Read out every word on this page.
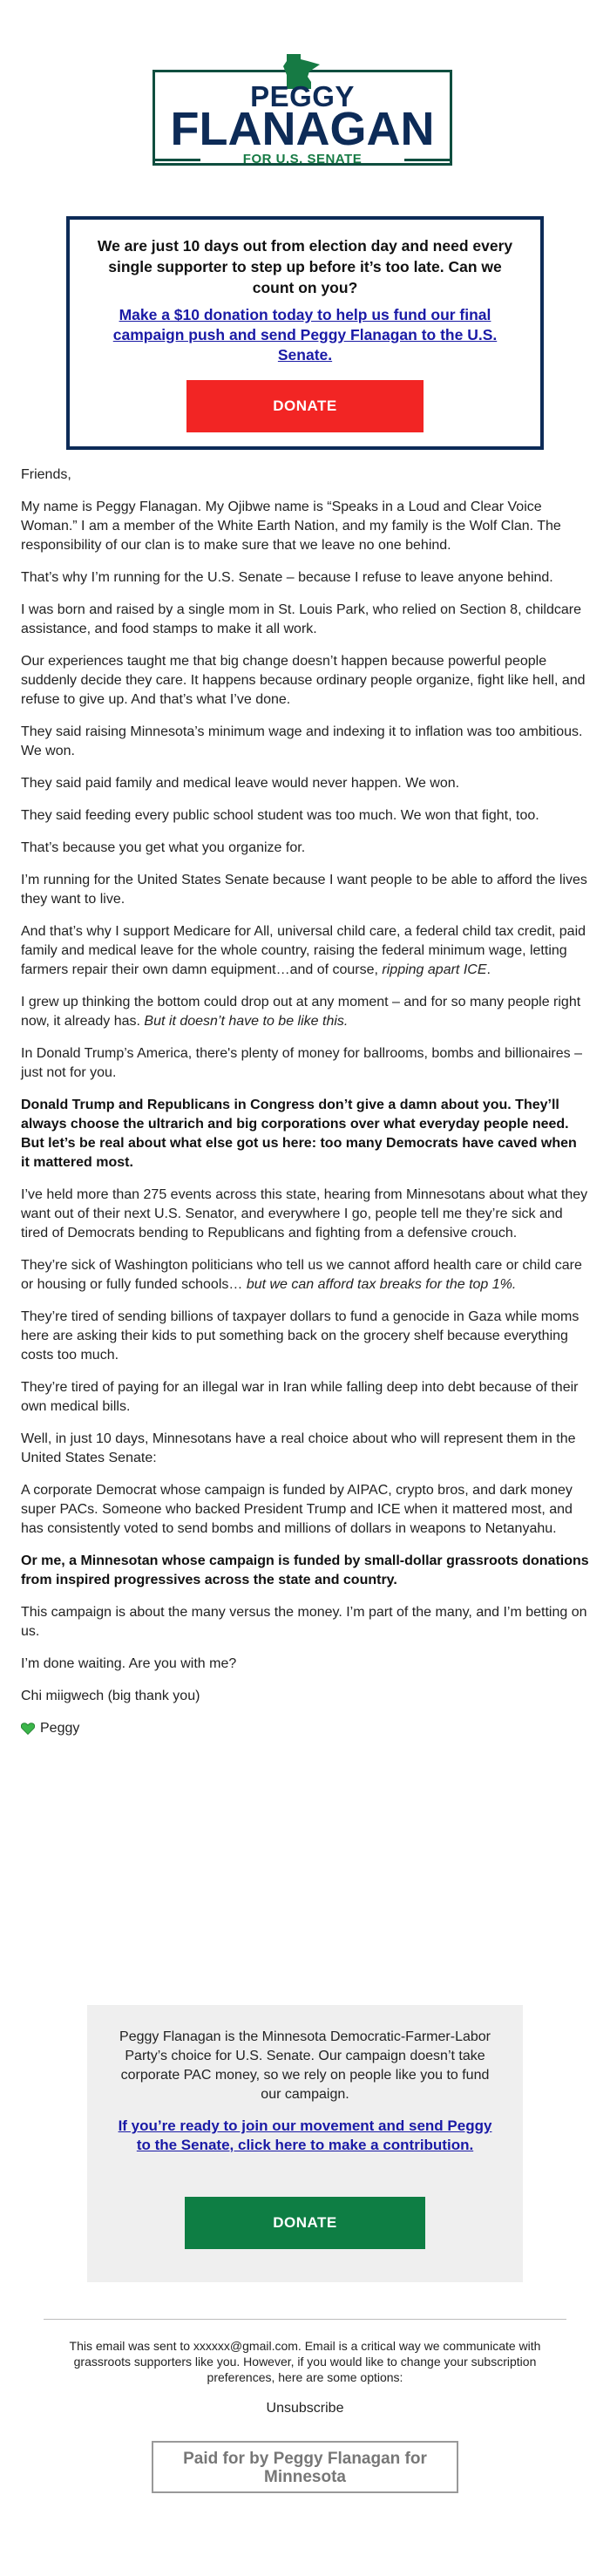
PEGGY
FLANAGAN
FOR U.S. SENATE
We are just 10 days out from election day and need every single supporter to step up before it’s too late. Can we count on you?
Make a $10 donation today to help us fund our final campaign push and send Peggy Flanagan to the U.S. Senate.
DONATE

Friends,

My name is Peggy Flanagan. My Ojibwe name is “Speaks in a Loud and Clear Voice Woman.” I am a member of the White Earth Nation, and my family is the Wolf Clan. The responsibility of our clan is to make sure that we leave no one behind.

That’s why I’m running for the U.S. Senate – because I refuse to leave anyone behind.

I was born and raised by a single mom in St. Louis Park, who relied on Section 8, childcare assistance, and food stamps to make it all work.

Our experiences taught me that big change doesn’t happen because powerful people suddenly decide they care. It happens because ordinary people organize, fight like hell, and refuse to give up. And that’s what I’ve done.

They said raising Minnesota’s minimum wage and indexing it to inflation was too ambitious. We won.

They said paid family and medical leave would never happen. We won.

They said feeding every public school student was too much. We won that fight, too.

That’s because you get what you organize for.

I’m running for the United States Senate because I want people to be able to afford the lives they want to live.

And that’s why I support Medicare for All, universal child care, a federal child tax credit, paid family and medical leave for the whole country, raising the federal minimum wage, letting farmers repair their own damn equipment…and of course, ripping apart ICE.

I grew up thinking the bottom could drop out at any moment – and for so many people right now, it already has. But it doesn’t have to be like this.

In Donald Trump’s America, there's plenty of money for ballrooms, bombs and billionaires – just not for you.

Donald Trump and Republicans in Congress don’t give a damn about you. They’ll always choose the ultrarich and big corporations over what everyday people need. But let’s be real about what else got us here: too many Democrats have caved when it mattered most.

I’ve held more than 275 events across this state, hearing from Minnesotans about what they want out of their next U.S. Senator, and everywhere I go, people tell me they’re sick and tired of Democrats bending to Republicans and fighting from a defensive crouch.

They’re sick of Washington politicians who tell us we cannot afford health care or child care or housing or fully funded schools… but we can afford tax breaks for the top 1%.

They’re tired of sending billions of taxpayer dollars to fund a genocide in Gaza while moms here are asking their kids to put something back on the grocery shelf because everything costs too much.

They’re tired of paying for an illegal war in Iran while falling deep into debt because of their own medical bills.

Well, in just 10 days, Minnesotans have a real choice about who will represent them in the United States Senate:

A corporate Democrat whose campaign is funded by AIPAC, crypto bros, and dark money super PACs. Someone who backed President Trump and ICE when it mattered most, and has consistently voted to send bombs and millions of dollars in weapons to Netanyahu.

Or me, a Minnesotan whose campaign is funded by small-dollar grassroots donations from inspired progressives across the state and country.

This campaign is about the many versus the money. I’m part of the many, and I’m betting on us.

I’m done waiting. Are you with me?

Chi miigwech (big thank you)

Peggy

Peggy Flanagan is the Minnesota Democratic-Farmer-Labor Party’s choice for U.S. Senate. Our campaign doesn’t take corporate PAC money, so we rely on people like you to fund our campaign.
If you’re ready to join our movement and send Peggy to the Senate, click here to make a contribution.
DONATE
This email was sent to xxxxxx@gmail.com. Email is a critical way we communicate with grassroots supporters like you. However, if you would like to change your subscription preferences, here are some options:
Unsubscribe
Paid for by Peggy Flanagan for Minnesota
